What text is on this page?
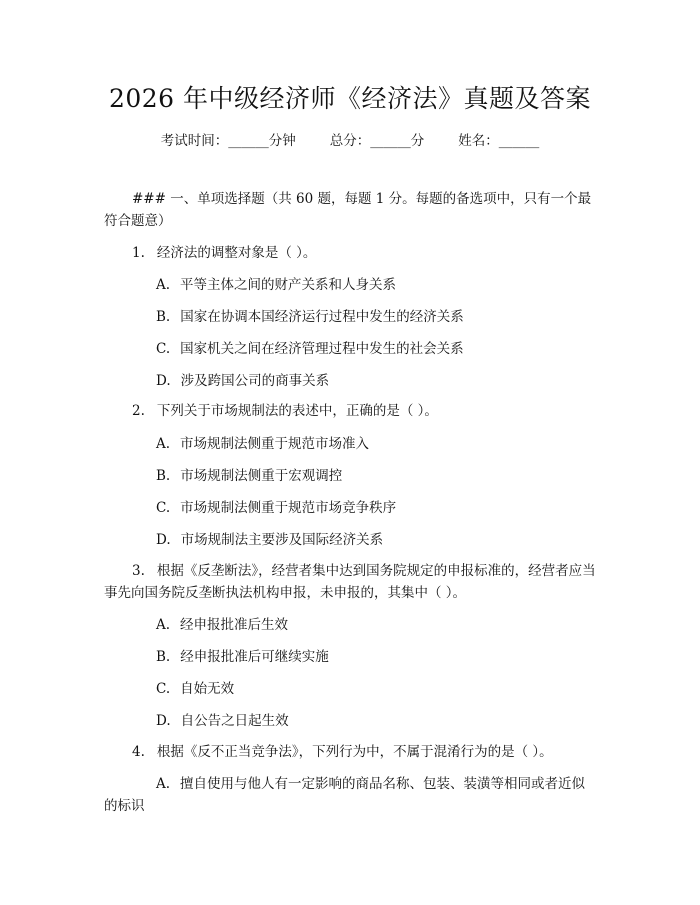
2026 年中级经济师《经济法》真题及答案
考试时间：______分钟	总分：______分	姓名：______
### 一、单项选择题（共 60 题，每题 1 分。每题的备选项中，只有一个最符合题意）
1. 经济法的调整对象是（ ）。
A. 平等主体之间的财产关系和人身关系
B. 国家在协调本国经济运行过程中发生的经济关系
C. 国家机关之间在经济管理过程中发生的社会关系
D. 涉及跨国公司的商事关系
2. 下列关于市场规制法的表述中，正确的是（ ）。
A. 市场规制法侧重于规范市场准入
B. 市场规制法侧重于宏观调控
C. 市场规制法侧重于规范市场竞争秩序
D. 市场规制法主要涉及国际经济关系
3. 根据《反垄断法》，经营者集中达到国务院规定的申报标准的，经营者应当事先向国务院反垄断执法机构申报，未申报的，其集中（ ）。
A. 经申报批准后生效
B. 经申报批准后可继续实施
C. 自始无效
D. 自公告之日起生效
4. 根据《反不正当竞争法》，下列行为中，不属于混淆行为的是（ ）。
A. 擅自使用与他人有一定影响的商品名称、包装、装潢等相同或者近似的标识
